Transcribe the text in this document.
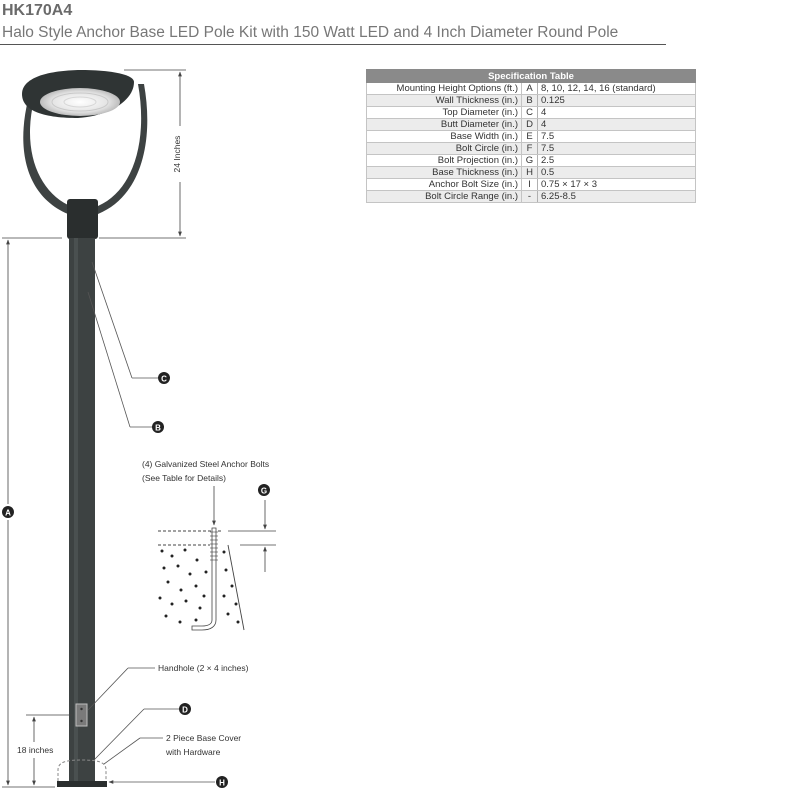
HK170A4
Halo Style Anchor Base LED Pole Kit with 150 Watt LED and 4 Inch Diameter Round Pole
24 Inches
A
18 inches
C
B
(4) Galvanized Steel Anchor Bolts
(See Table for Details)
G
Handhole (2 × 4 inches)
D
2 Piece Base Cover
with Hardware
H
Specification Table		
Mounting Height Options (ft.)	A	8, 10, 12, 14, 16 (standard)
Wall Thickness (in.)	B	0.125
Top Diameter (in.)	C	4
Butt Diameter (in.)	D	4
Base Width (in.)	E	7.5
Bolt Circle (in.)	F	7.5
Bolt Projection (in.)	G	2.5
Base Thickness (in.)	H	0.5
Anchor Bolt Size (in.)	I	0.75 × 17 × 3
Bolt Circle Range (in.)	-	6.25-8.5
